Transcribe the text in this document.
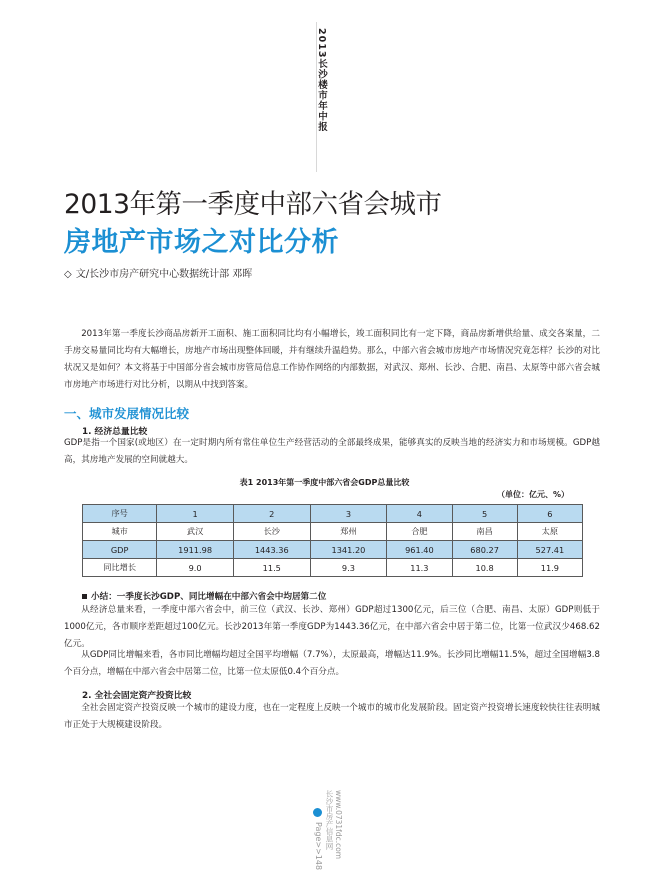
2013长沙楼市年中报
2013年第一季度中部六省会城市
房地产市场之对比分析
◇ 文/长沙市房产研究中心数据统计部 邓晖
2013年第一季度长沙商品房新开工面积、施工面积同比均有小幅增长，竣工面积同比有一定下降，商品房新增供给量、成交各案量，二手房交易量同比均有大幅增长，房地产市场出现整体回暖，并有继续升温趋势。那么，中部六省会城市房地产市场情况究竟怎样？长沙的对比状况又是如何？本文将基于中国部分省会城市房管局信息工作协作网络的内部数据，对武汉、郑州、长沙、合肥、南昌、太原等中部六省会城市房地产市场进行对比分析，以期从中找到答案。
一、城市发展情况比较
1. 经济总量比较
GDP是指一个国家(或地区）在一定时期内所有常住单位生产经营活动的全部最终成果，能够真实的反映当地的经济实力和市场规模。GDP越高，其房地产发展的空间就越大。
表1 2013年第一季度中部六省会GDP总量比较
（单位：亿元、%）
序号	1	2	3	4	5	6
城市	武汉	长沙	郑州	合肥	南昌	太原
GDP	1911.98	1443.36	1341.20	961.40	680.27	527.41
同比增长	9.0	11.5	9.3	11.3	10.8	11.9
小结：一季度长沙GDP、同比增幅在中部六省会中均居第二位
从经济总量来看，一季度中部六省会中，前三位（武汉、长沙、郑州）GDP超过1300亿元，后三位（合肥、南昌、太原）GDP则低于1000亿元，各市顺序差距超过100亿元。长沙2013年第一季度GDP为1443.36亿元，在中部六省会中居于第二位，比第一位武汉少468.62亿元。
从GDP同比增幅来看，各市同比增幅均超过全国平均增幅（7.7%），太原最高，增幅达11.9%。长沙同比增幅11.5%，超过全国增幅3.8个百分点，增幅在中部六省会中居第二位，比第一位太原低0.4个百分点。
2. 全社会固定资产投资比较
全社会固定资产投资反映一个城市的建设力度，也在一定程度上反映一个城市的城市化发展阶段。固定资产投资增长速度较快往往表明城市正处于大规模建设阶段。
Page>>148 www.0731fdc.com
长沙市房产信息网
